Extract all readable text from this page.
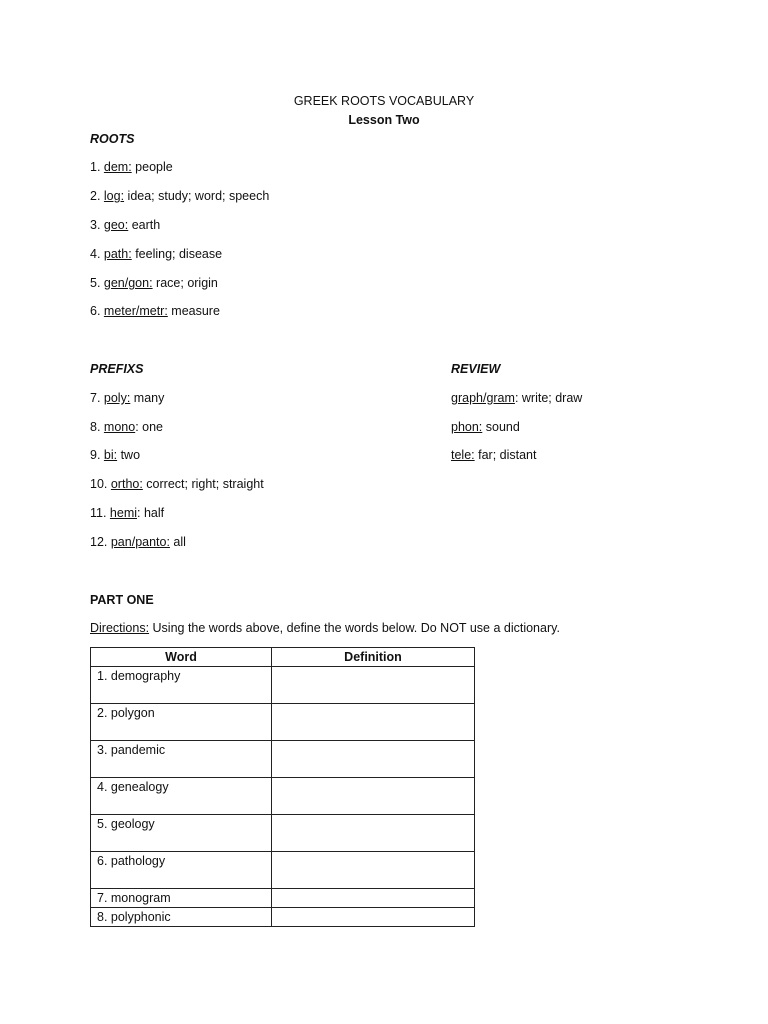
GREEK ROOTS VOCABULARY
Lesson Two
ROOTS
1. dem: people
2. log: idea; study; word; speech
3. geo: earth
4. path: feeling; disease
5. gen/gon: race; origin
6. meter/metr: measure
PREFIXS
7. poly: many
8. mono: one
9. bi: two
10. ortho: correct; right; straight
11. hemi: half
12. pan/panto: all
REVIEW
graph/gram: write; draw
phon: sound
tele: far; distant
PART ONE
Directions: Using the words above, define the words below. Do NOT use a dictionary.
Word	Definition
1. demography	
2. polygon	
3. pandemic	
4. genealogy	
5. geology	
6. pathology	
7. monogram	
8. polyphonic	
